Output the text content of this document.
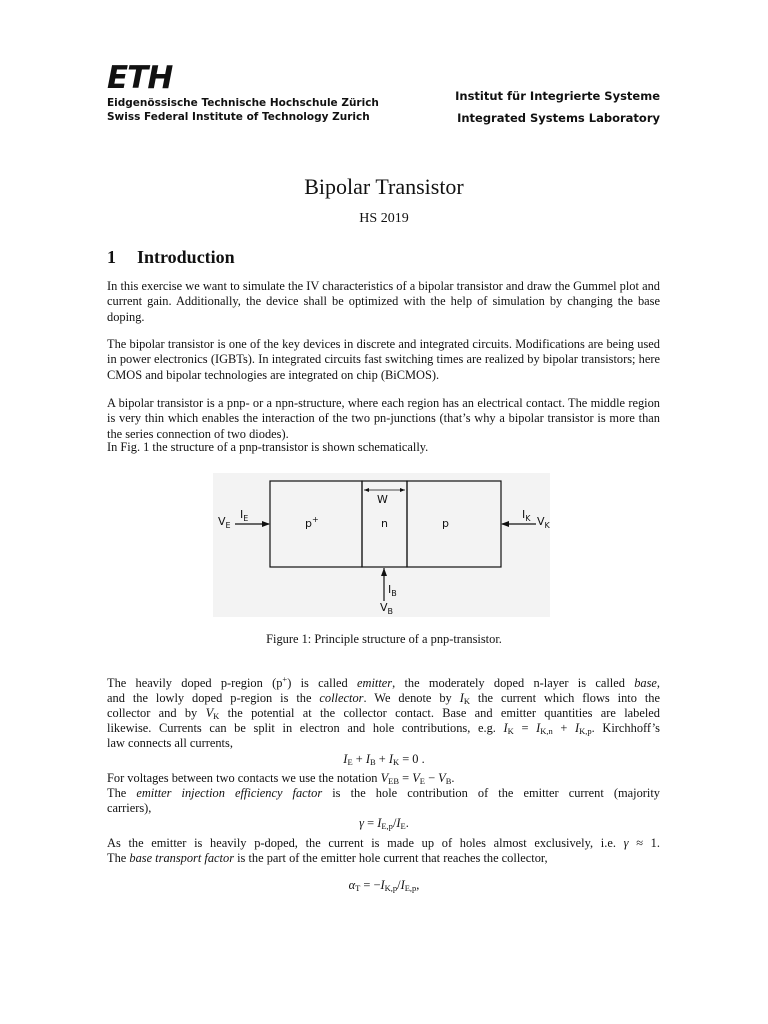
ETH
Eidgenössische Technische Hochschule Zürich
Swiss Federal Institute of Technology Zurich
Institut für Integrierte Systeme
Integrated Systems Laboratory
Bipolar Transistor
HS 2019
1 Introduction

In this exercise we want to simulate the IV characteristics of a bipolar transistor and draw the Gummel plot and current gain. Additionally, the device shall be optimized with the help of simulation by changing the base doping.

The bipolar transistor is one of the key devices in discrete and integrated circuits. Modifications are being used in power electronics (IGBTs). In integrated circuits fast switching times are realized by bipolar transistors; here CMOS and bipolar technologies are integrated on chip (BiCMOS).

A bipolar transistor is a pnp- or a npn-structure, where each region has an electrical contact. The middle region is very thin which enables the interaction of the two pn-junctions (that’s why a bipolar transistor is more than the series connection of two diodes).

In Fig. 1 the structure of a pnp-transistor is shown schematically.

$V_E$
$I_E$	p+
W
n	p
$I_K$ $V_K$
$I_B$
$V_B$
Figure 1: Principle structure of a pnp-transistor.

The heavily doped p-region (p+) is called emitter, the moderately doped n-layer is called base,

and the lowly doped p-region is the collector. We denote by $I_K$ the current which flows into the

collector and by $V_K$ the potential at the collector contact. Base and emitter quantities are labeled

likewise. Currents can be split in electron and hole contributions, e.g. $I_K = I_{K,n} + I_{K,p}$. Kirchhoff’s

law connects all currents,

$I_E + I_B + I_K = 0$ .

For voltages between two contacts we use the notation $V_{EB} = V_E - V_B$.

The emitter injection efficiency factor is the hole contribution of the emitter current (majority

carriers),

$\gamma = I_{E,p}/I_E$.

As the emitter is heavily p-doped, the current is made up of holes almost exclusively, i.e. γ ≈ 1.

The base transport factor is the part of the emitter hole current that reaches the collector,

$\alpha_T = -I_{K,p}/I_{E,p}$,
